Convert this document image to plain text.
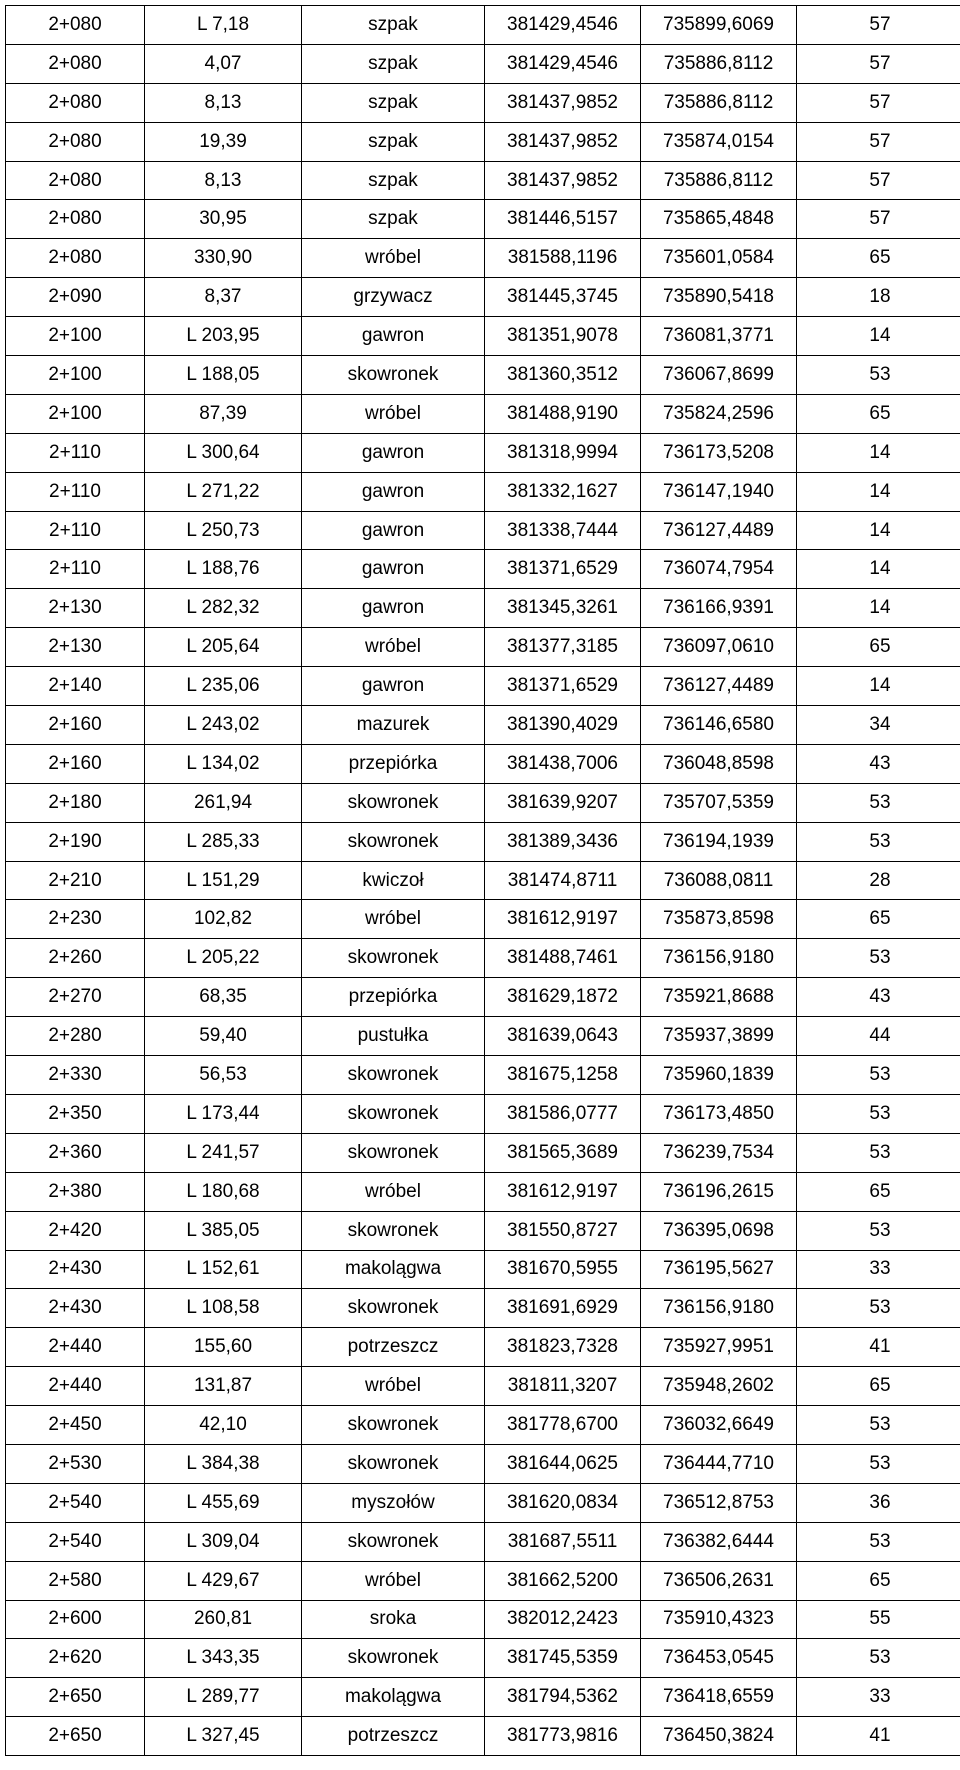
2+080	L 7,18	szpak	381429,4546	735899,6069	57
2+080	4,07	szpak	381429,4546	735886,8112	57
2+080	8,13	szpak	381437,9852	735886,8112	57
2+080	19,39	szpak	381437,9852	735874,0154	57
2+080	8,13	szpak	381437,9852	735886,8112	57
2+080	30,95	szpak	381446,5157	735865,4848	57
2+080	330,90	wróbel	381588,1196	735601,0584	65
2+090	8,37	grzywacz	381445,3745	735890,5418	18
2+100	L 203,95	gawron	381351,9078	736081,3771	14
2+100	L 188,05	skowronek	381360,3512	736067,8699	53
2+100	87,39	wróbel	381488,9190	735824,2596	65
2+110	L 300,64	gawron	381318,9994	736173,5208	14
2+110	L 271,22	gawron	381332,1627	736147,1940	14
2+110	L 250,73	gawron	381338,7444	736127,4489	14
2+110	L 188,76	gawron	381371,6529	736074,7954	14
2+130	L 282,32	gawron	381345,3261	736166,9391	14
2+130	L 205,64	wróbel	381377,3185	736097,0610	65
2+140	L 235,06	gawron	381371,6529	736127,4489	14
2+160	L 243,02	mazurek	381390,4029	736146,6580	34
2+160	L 134,02	przepiórka	381438,7006	736048,8598	43
2+180	261,94	skowronek	381639,9207	735707,5359	53
2+190	L 285,33	skowronek	381389,3436	736194,1939	53
2+210	L 151,29	kwiczoł	381474,8711	736088,0811	28
2+230	102,82	wróbel	381612,9197	735873,8598	65
2+260	L 205,22	skowronek	381488,7461	736156,9180	53
2+270	68,35	przepiórka	381629,1872	735921,8688	43
2+280	59,40	pustułka	381639,0643	735937,3899	44
2+330	56,53	skowronek	381675,1258	735960,1839	53
2+350	L 173,44	skowronek	381586,0777	736173,4850	53
2+360	L 241,57	skowronek	381565,3689	736239,7534	53
2+380	L 180,68	wróbel	381612,9197	736196,2615	65
2+420	L 385,05	skowronek	381550,8727	736395,0698	53
2+430	L 152,61	makolągwa	381670,5955	736195,5627	33
2+430	L 108,58	skowronek	381691,6929	736156,9180	53
2+440	155,60	potrzeszcz	381823,7328	735927,9951	41
2+440	131,87	wróbel	381811,3207	735948,2602	65
2+450	42,10	skowronek	381778,6700	736032,6649	53
2+530	L 384,38	skowronek	381644,0625	736444,7710	53
2+540	L 455,69	myszołów	381620,0834	736512,8753	36
2+540	L 309,04	skowronek	381687,5511	736382,6444	53
2+580	L 429,67	wróbel	381662,5200	736506,2631	65
2+600	260,81	sroka	382012,2423	735910,4323	55
2+620	L 343,35	skowronek	381745,5359	736453,0545	53
2+650	L 289,77	makolągwa	381794,5362	736418,6559	33
2+650	L 327,45	potrzeszcz	381773,9816	736450,3824	41
